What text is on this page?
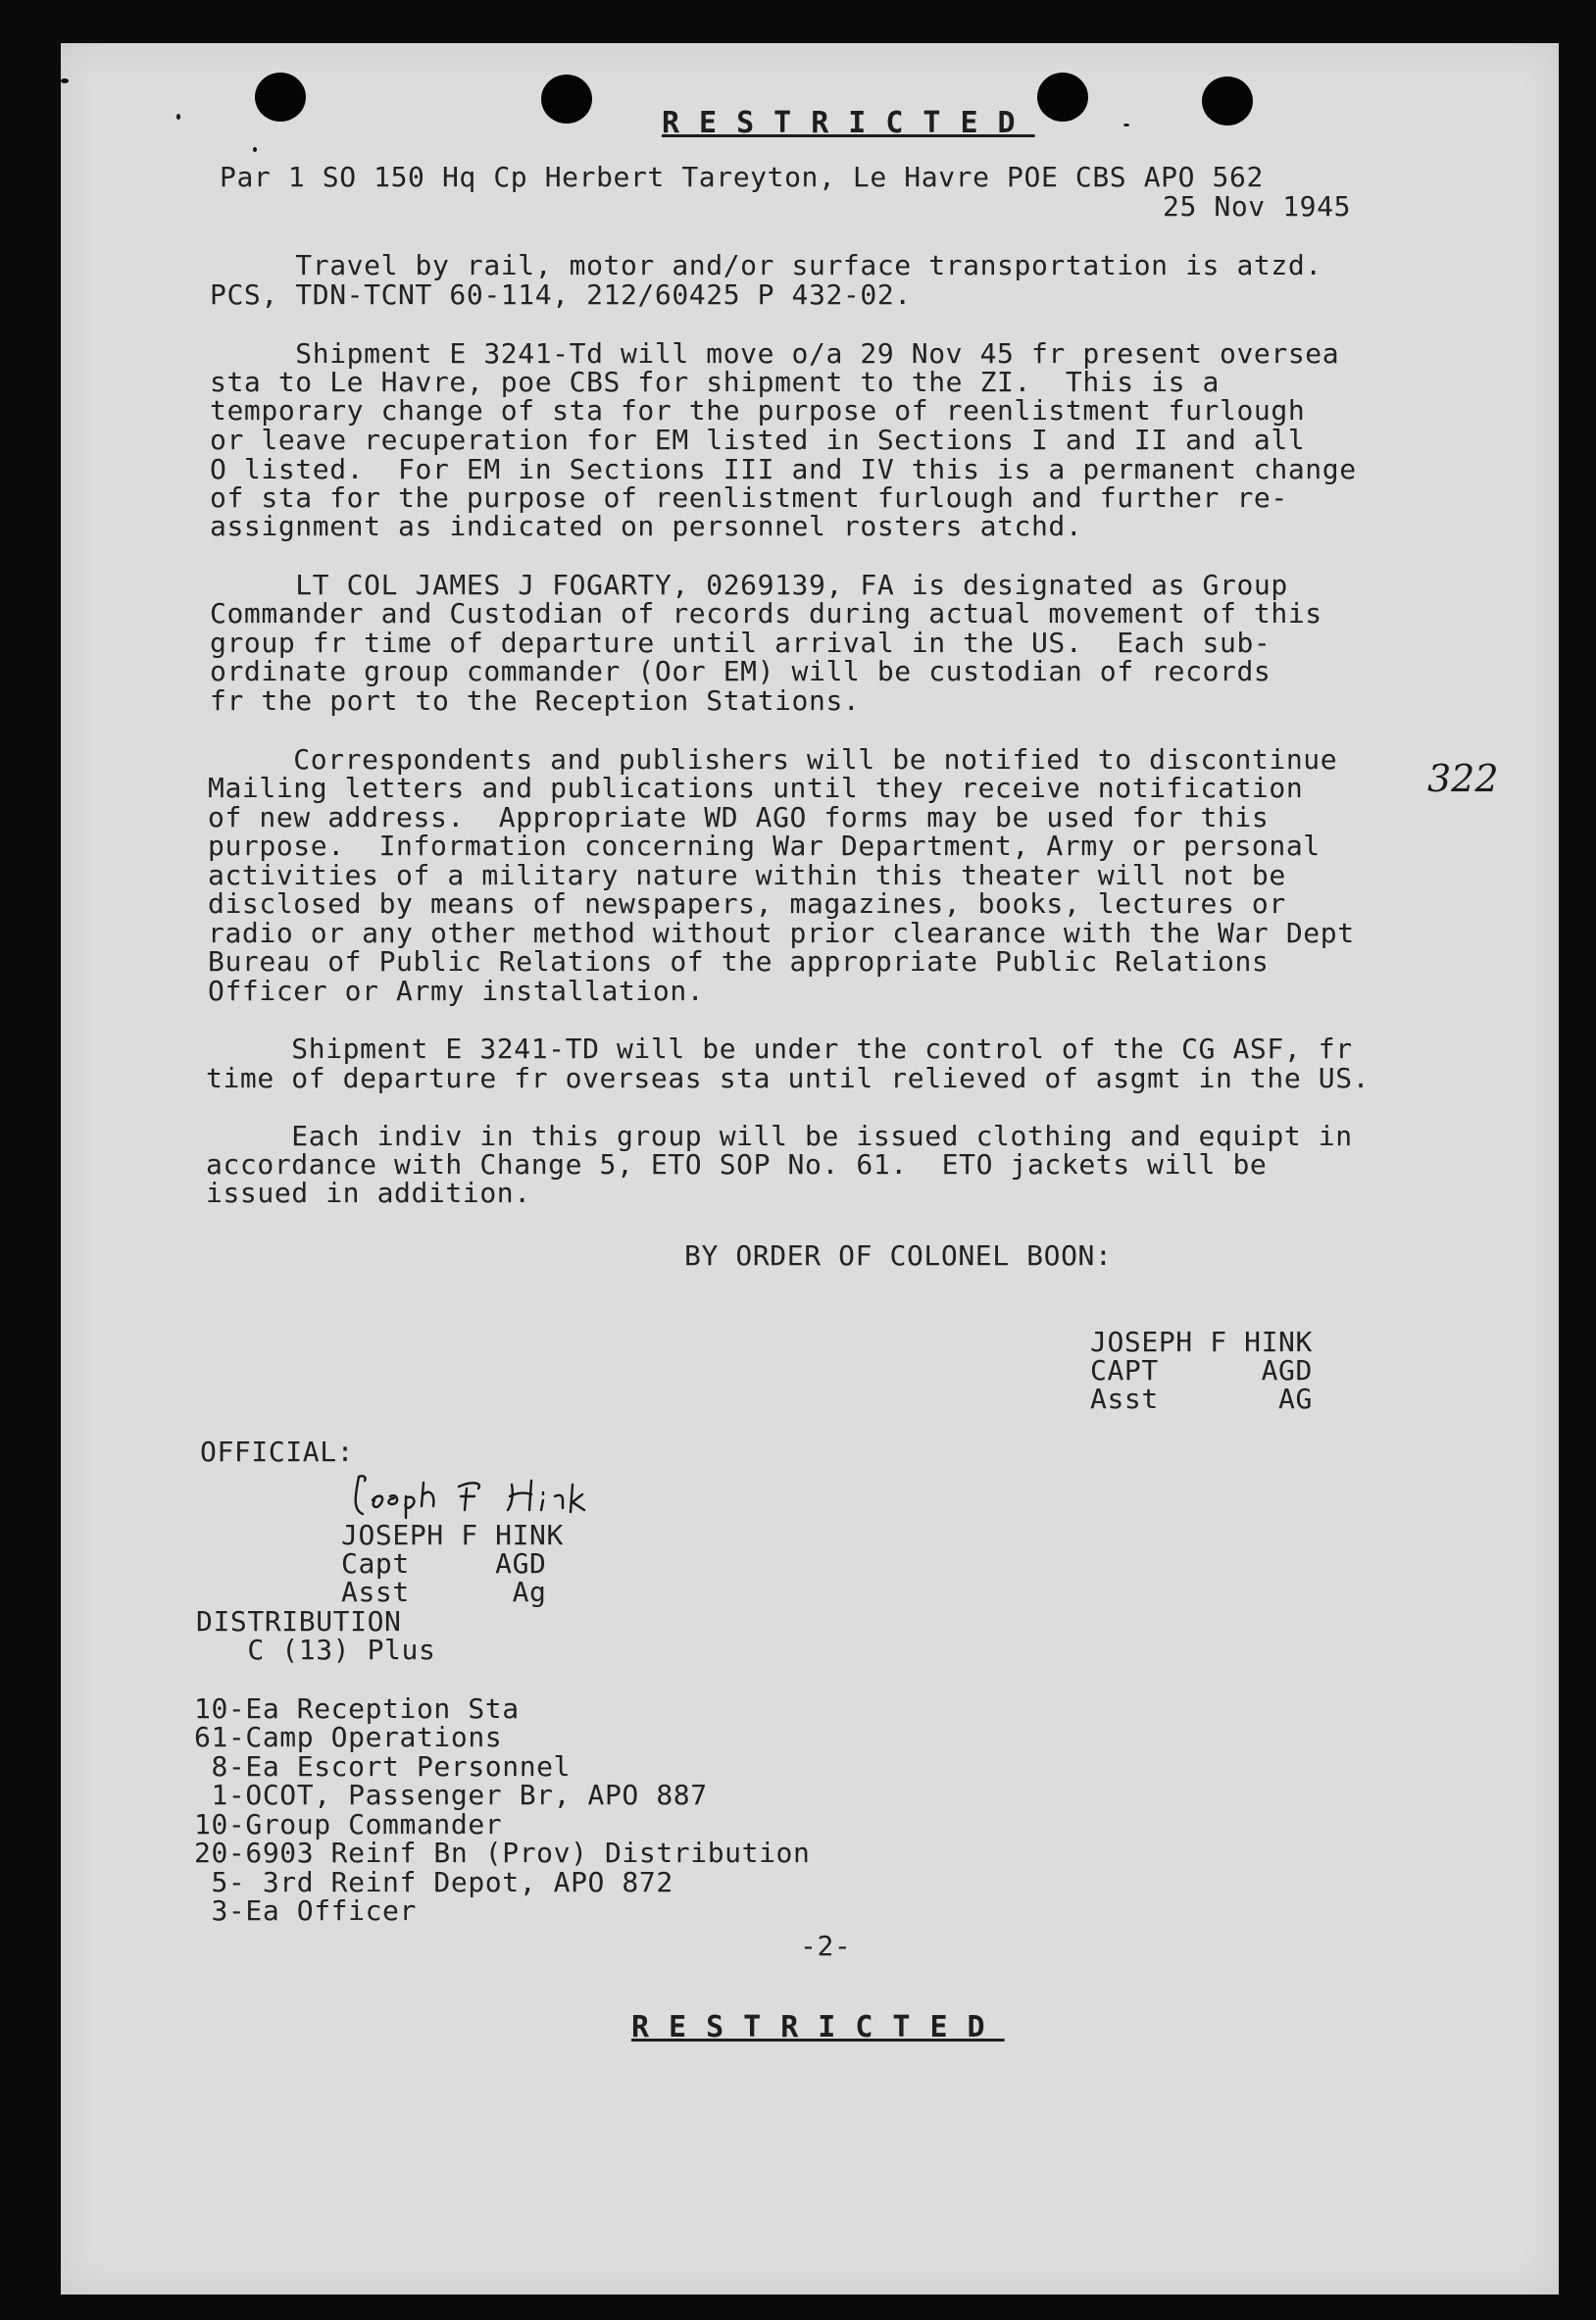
RESTRICTED
Par 1 SO 150 Hq Cp Herbert Tareyton, Le Havre POE CBS APO 562
25 Nov 1945
Travel by rail, motor and/or surface transportation is atzd.
PCS, TDN-TCNT 60-114, 212/60425 P 432-02.
Shipment E 3241-Td will move o/a 29 Nov 45 fr present oversea
sta to Le Havre, poe CBS for shipment to the ZI.  This is a
temporary change of sta for the purpose of reenlistment furlough
or leave recuperation for EM listed in Sections I and II and all
O listed.  For EM in Sections III and IV this is a permanent change
of sta for the purpose of reenlistment furlough and further re-
assignment as indicated on personnel rosters atchd.
LT COL JAMES J FOGARTY, 0269139, FA is designated as Group
Commander and Custodian of records during actual movement of this
group fr time of departure until arrival in the US.  Each sub-
ordinate group commander (Oor EM) will be custodian of records
fr the port to the Reception Stations.
Correspondents and publishers will be notified to discontinue
Mailing letters and publications until they receive notification
of new address.  Appropriate WD AGO forms may be used for this
purpose.  Information concerning War Department, Army or personal
activities of a military nature within this theater will not be
disclosed by means of newspapers, magazines, books, lectures or
radio or any other method without prior clearance with the War Dept
Bureau of Public Relations of the appropriate Public Relations
Officer or Army installation.
322
Shipment E 3241-TD will be under the control of the CG ASF, fr
time of departure fr overseas sta until relieved of asgmt in the US.
Each indiv in this group will be issued clothing and equipt in
accordance with Change 5, ETO SOP No. 61.  ETO jackets will be
issued in addition.
BY ORDER OF COLONEL BOON:
JOSEPH F HINK
CAPT      AGD
Asst       AG
OFFICIAL:
JOSEPH F HINK
Capt     AGD
Asst      Ag
DISTRIBUTION
C (13) Plus
10-Ea Reception Sta
61-Camp Operations
8-Ea Escort Personnel
1-OCOT, Passenger Br, APO 887
10-Group Commander
20-6903 Reinf Bn (Prov) Distribution
5- 3rd Reinf Depot, APO 872
3-Ea Officer
-2-
RESTRICTED
